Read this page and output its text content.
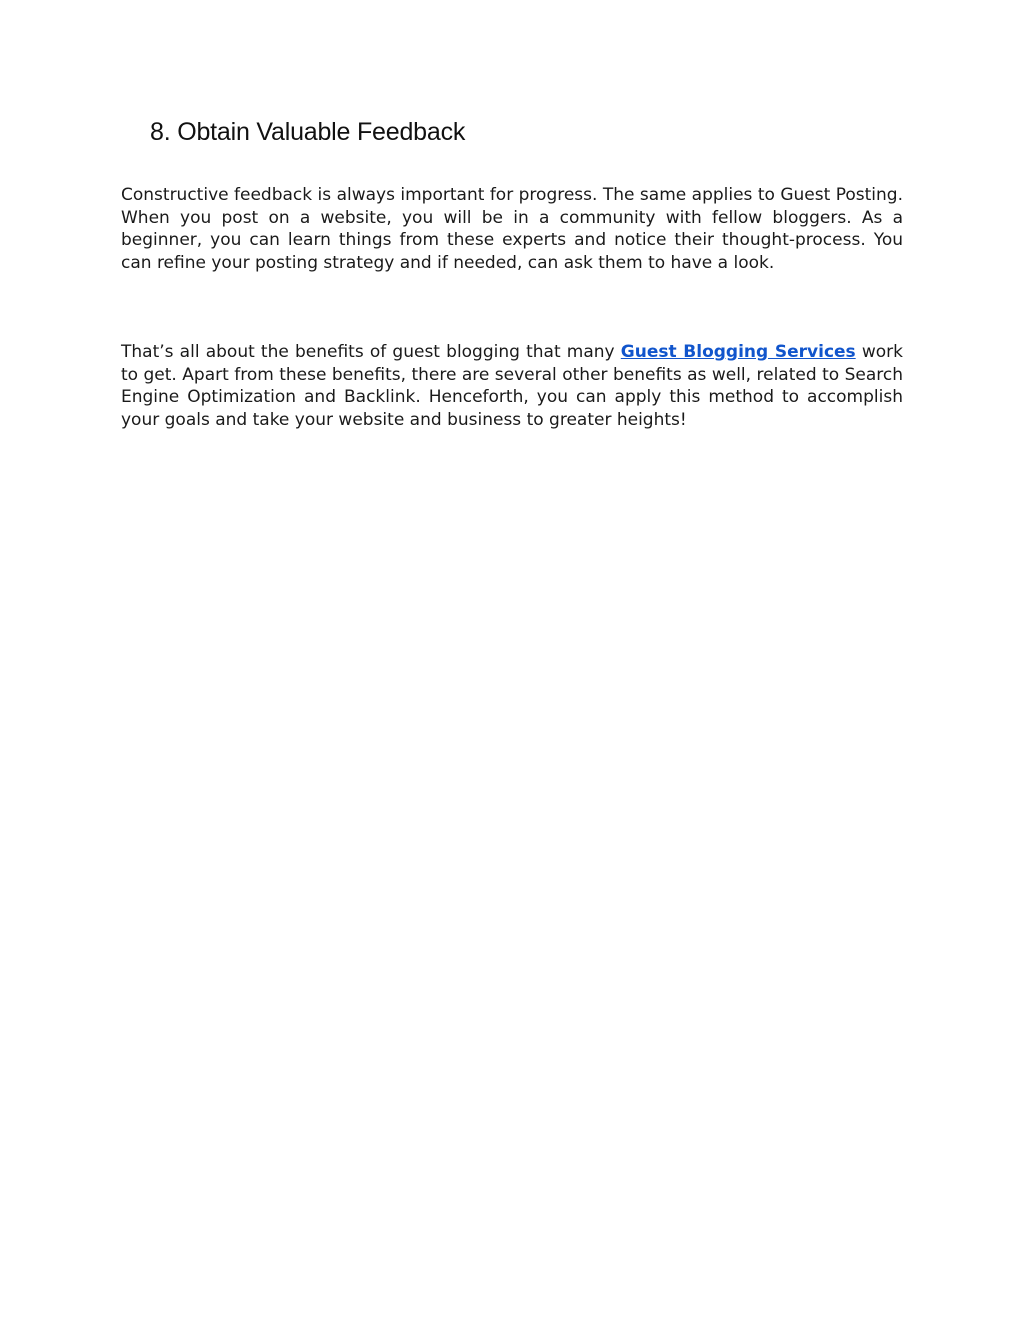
8. Obtain Valuable Feedback

Constructive feedback is always important for progress. The same applies to Guest Posting. When you post on a website, you will be in a community with fellow bloggers. As a beginner, you can learn things from these experts and notice their thought-process. You can refine your posting strategy and if needed, can ask them to have a look.

That’s all about the benefits of guest blogging that many Guest Blogging Services work to get. Apart from these benefits, there are several other benefits as well, related to Search Engine Optimization and Backlink. Henceforth, you can apply this method to accomplish your goals and take your website and business to greater heights!
